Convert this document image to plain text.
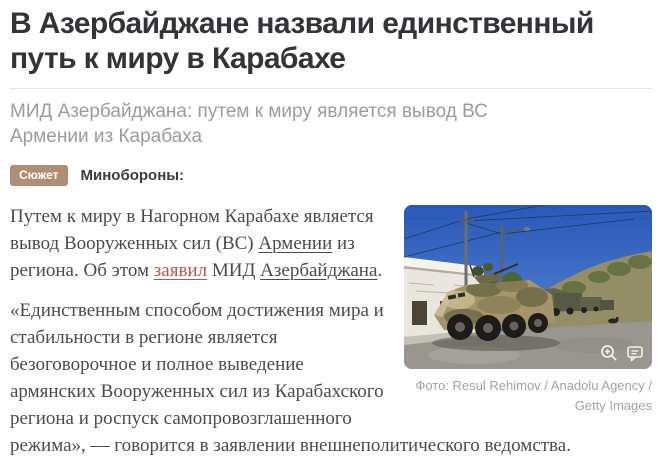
В Азербайджане назвали единственный путь к миру в Карабахе
МИД Азербайджана: путем к миру является вывод ВС Армении из Карабаха
Сюжет	Минобороны:
Фото: Resul Rehimov / Anadolu Agency / Getty Images

Путем к миру в Нагорном Карабахе является вывод Вооруженных сил (ВС) Армении из региона. Об этом заявил МИД Азербайджана.

«Единственным способом достижения мира и стабильности в регионе является безоговорочное и полное выведение армянских Вооруженных сил из Карабахского региона и роспуск самопровозглашенного режима», — говорится в заявлении внешнеполитического ведомства.
